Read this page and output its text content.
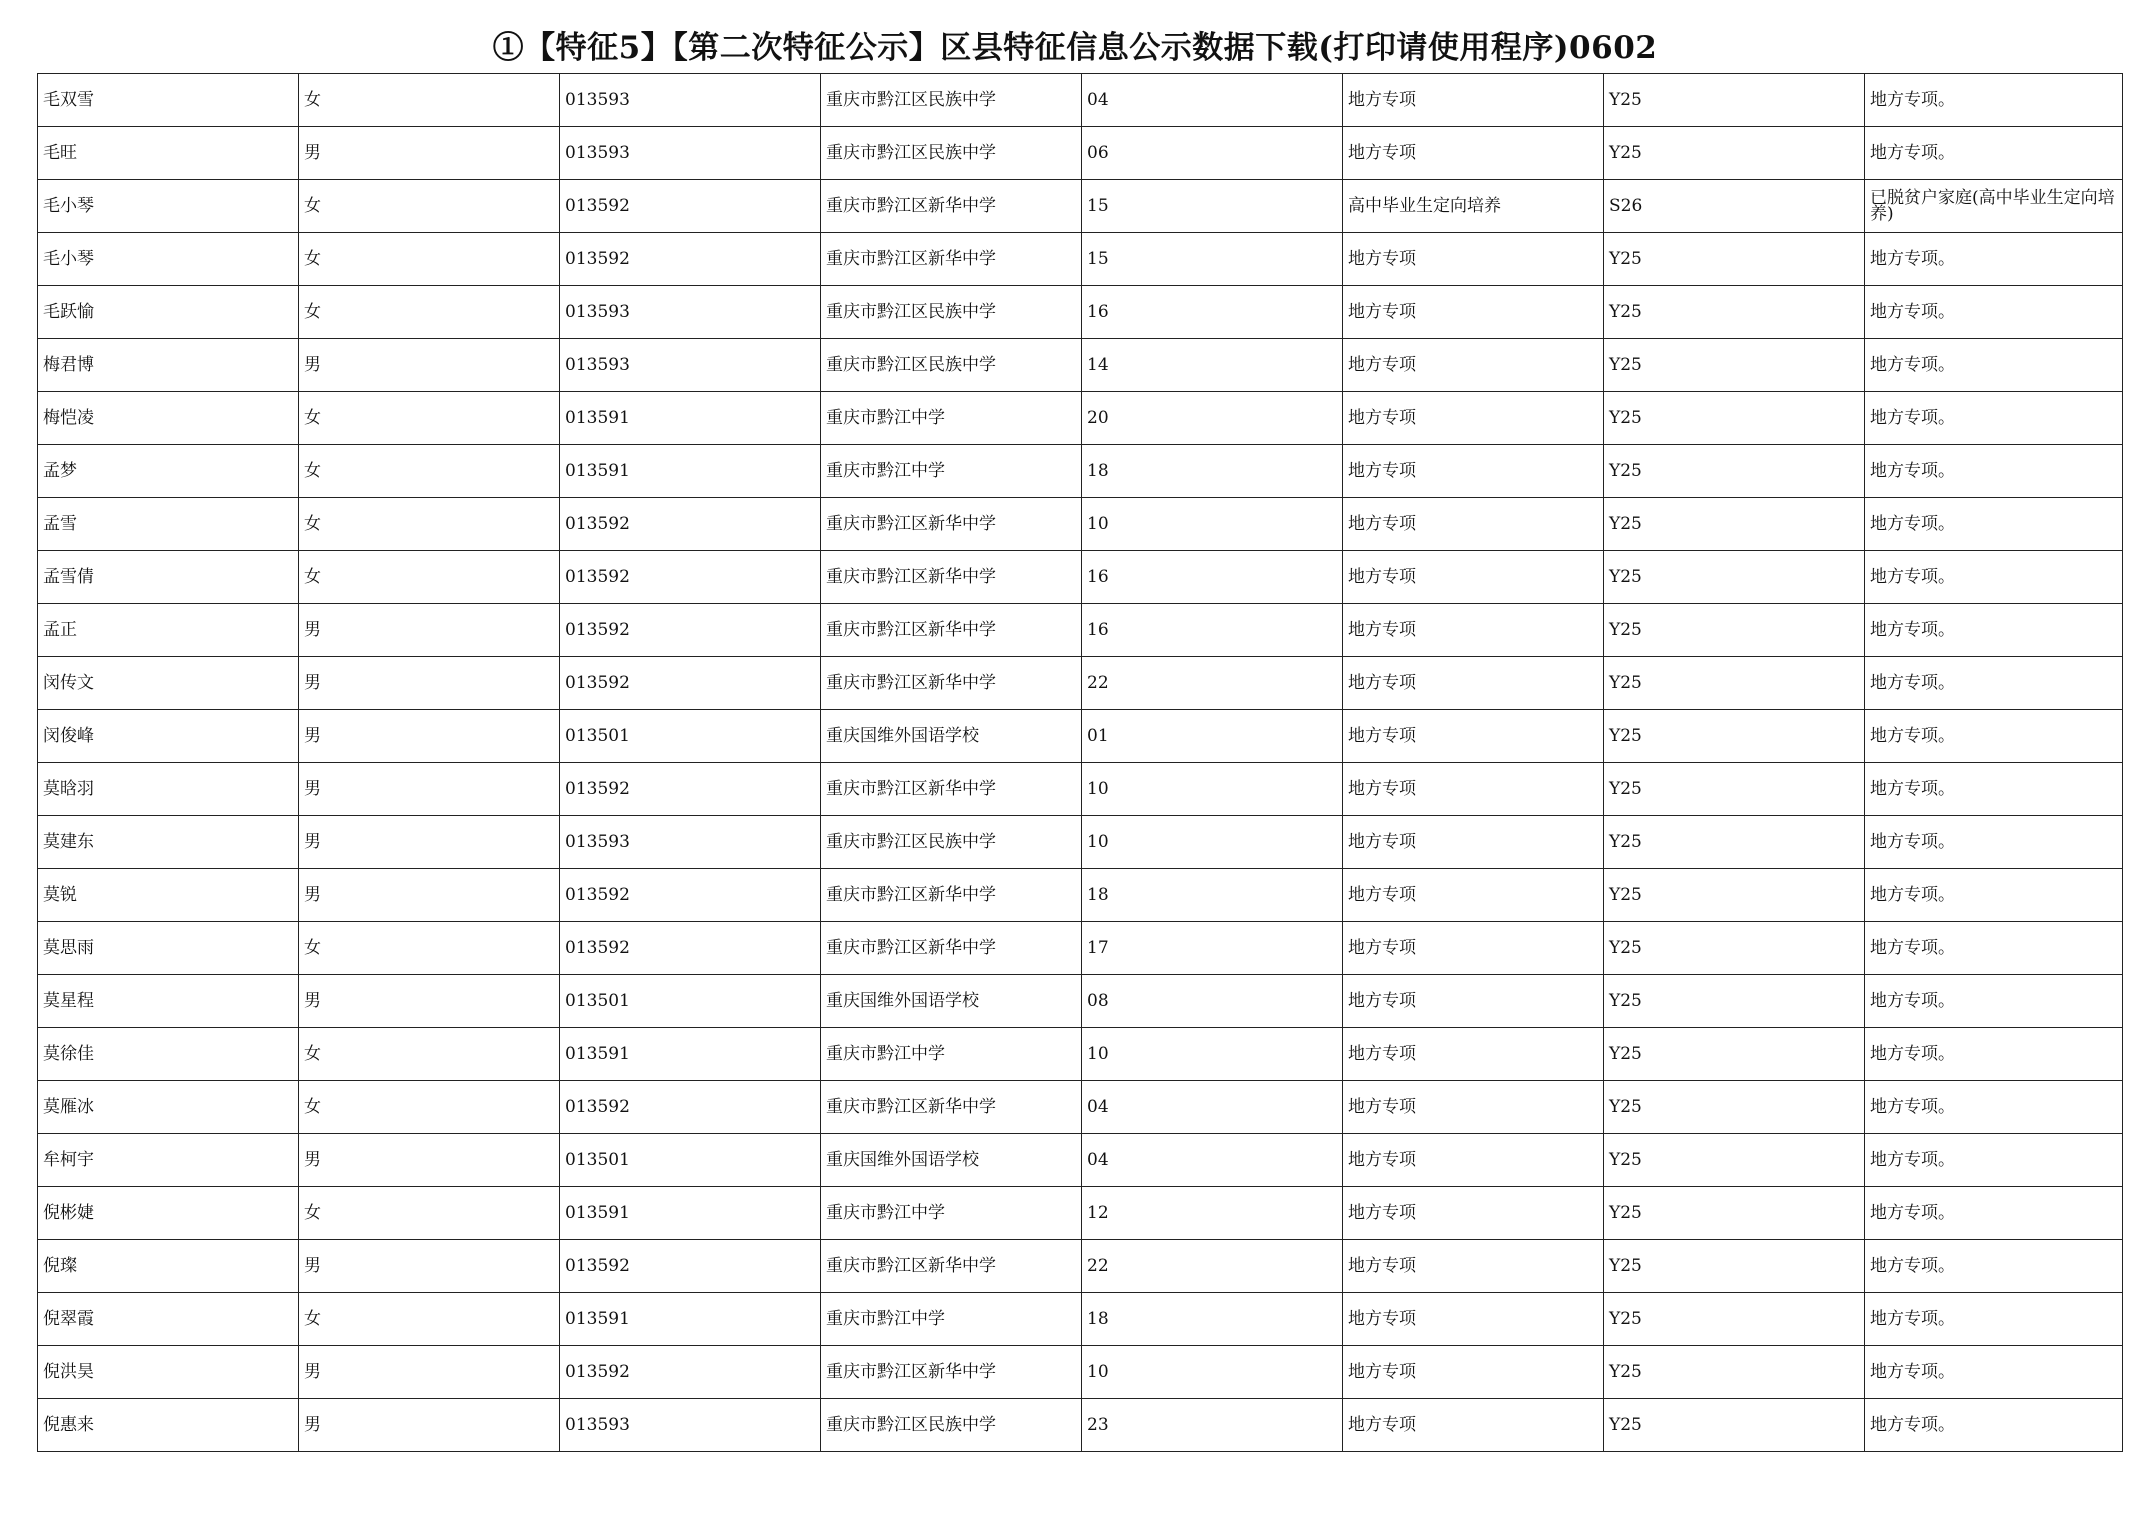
①【特征5】【第二次特征公示】区县特征信息公示数据下载(打印请使用程序)0602
毛双雪	女	013593	重庆市黔江区民族中学	04	地方专项	Y25	地方专项。
毛旺	男	013593	重庆市黔江区民族中学	06	地方专项	Y25	地方专项。
毛小琴	女	013592	重庆市黔江区新华中学	15	高中毕业生定向培养	S26	已脱贫户家庭(高中毕业生定向培养)
毛小琴	女	013592	重庆市黔江区新华中学	15	地方专项	Y25	地方专项。
毛跃愉	女	013593	重庆市黔江区民族中学	16	地方专项	Y25	地方专项。
梅君博	男	013593	重庆市黔江区民族中学	14	地方专项	Y25	地方专项。
梅恺凌	女	013591	重庆市黔江中学	20	地方专项	Y25	地方专项。
孟梦	女	013591	重庆市黔江中学	18	地方专项	Y25	地方专项。
孟雪	女	013592	重庆市黔江区新华中学	10	地方专项	Y25	地方专项。
孟雪倩	女	013592	重庆市黔江区新华中学	16	地方专项	Y25	地方专项。
孟正	男	013592	重庆市黔江区新华中学	16	地方专项	Y25	地方专项。
闵传文	男	013592	重庆市黔江区新华中学	22	地方专项	Y25	地方专项。
闵俊峰	男	013501	重庆国维外国语学校	01	地方专项	Y25	地方专项。
莫晗羽	男	013592	重庆市黔江区新华中学	10	地方专项	Y25	地方专项。
莫建东	男	013593	重庆市黔江区民族中学	10	地方专项	Y25	地方专项。
莫锐	男	013592	重庆市黔江区新华中学	18	地方专项	Y25	地方专项。
莫思雨	女	013592	重庆市黔江区新华中学	17	地方专项	Y25	地方专项。
莫星程	男	013501	重庆国维外国语学校	08	地方专项	Y25	地方专项。
莫徐佳	女	013591	重庆市黔江中学	10	地方专项	Y25	地方专项。
莫雁冰	女	013592	重庆市黔江区新华中学	04	地方专项	Y25	地方专项。
牟柯宇	男	013501	重庆国维外国语学校	04	地方专项	Y25	地方专项。
倪彬婕	女	013591	重庆市黔江中学	12	地方专项	Y25	地方专项。
倪璨	男	013592	重庆市黔江区新华中学	22	地方专项	Y25	地方专项。
倪翠霞	女	013591	重庆市黔江中学	18	地方专项	Y25	地方专项。
倪洪昊	男	013592	重庆市黔江区新华中学	10	地方专项	Y25	地方专项。
倪惠来	男	013593	重庆市黔江区民族中学	23	地方专项	Y25	地方专项。
